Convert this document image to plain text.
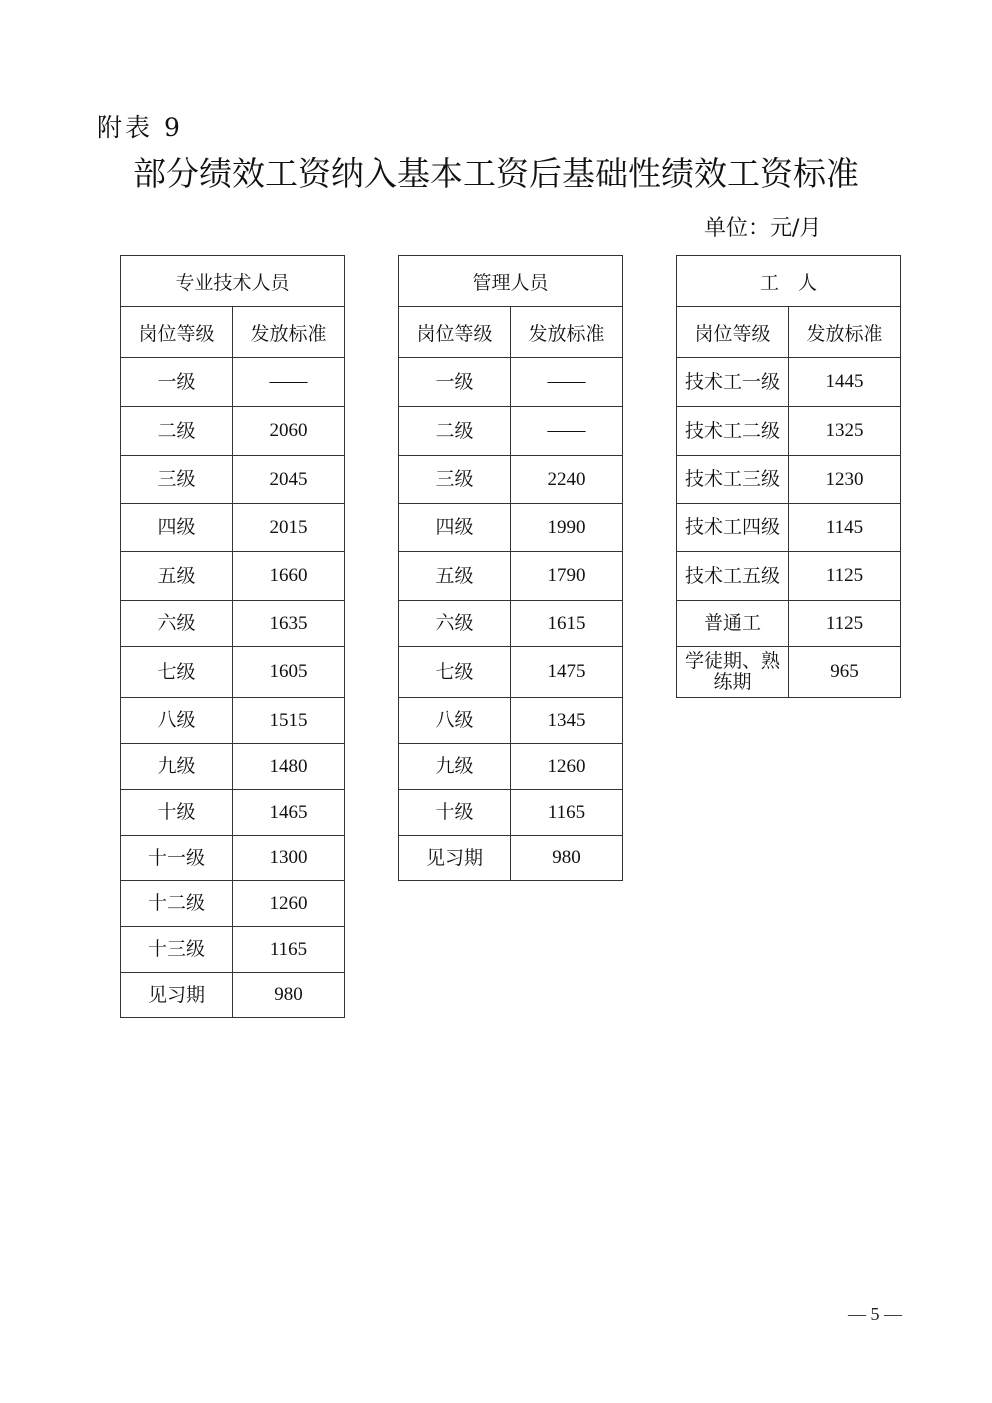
附表 9
部分绩效工资纳入基本工资后基础性绩效工资标准
单位：元/月
专业技术人员	
岗位等级	发放标准
一级	——
二级	2060
三级	2045
四级	2015
五级	1660
六级	1635
七级	1605
八级	1515
九级	1480
十级	1465
十一级	1300
十二级	1260
十三级	1165
见习期	980
管理人员	
岗位等级	发放标准
一级	——
二级	——
三级	2240
四级	1990
五级	1790
六级	1615
七级	1475
八级	1345
九级	1260
十级	1165
见习期	980
工　人	
岗位等级	发放标准
技术工一级	1445
技术工二级	1325
技术工三级	1230
技术工四级	1145
技术工五级	1125
普通工	1125
学徒期、熟练期	965
— 5 —
